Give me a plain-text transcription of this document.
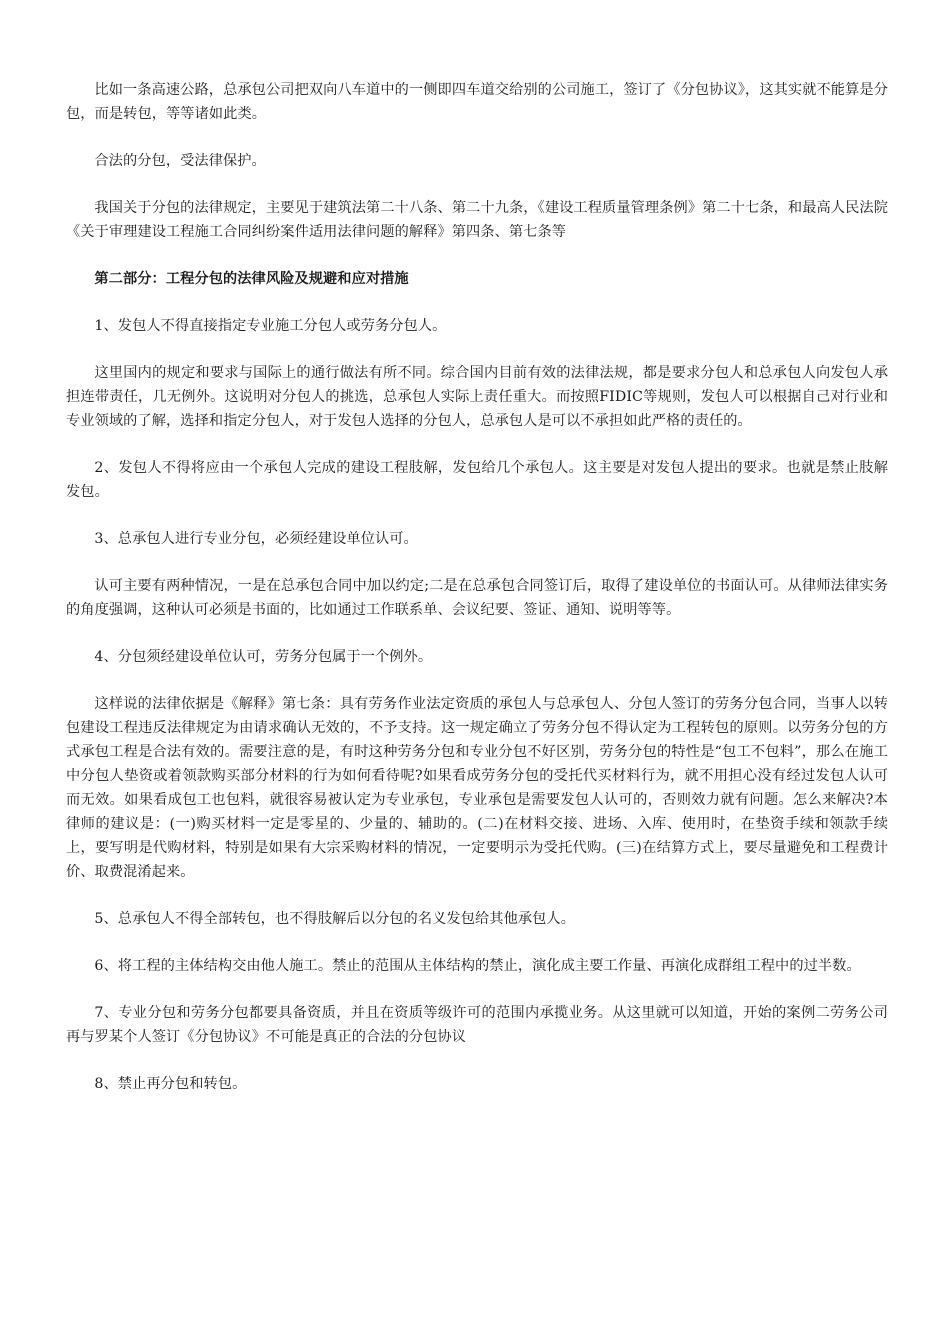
比如一条高速公路，总承包公司把双向八车道中的一侧即四车道交给别的公司施工，签订了《分包协议》，这其实就不能算是分包，而是转包，等等诸如此类。

合法的分包，受法律保护。

我国关于分包的法律规定，主要见于建筑法第二十八条、第二十九条，《建设工程质量管理条例》第二十七条，和最高人民法院《关于审理建设工程施工合同纠纷案件适用法律问题的解释》第四条、第七条等

第二部分：工程分包的法律风险及规避和应对措施

1、发包人不得直接指定专业施工分包人或劳务分包人。

这里国内的规定和要求与国际上的通行做法有所不同。综合国内目前有效的法律法规，都是要求分包人和总承包人向发包人承担连带责任，几无例外。这说明对分包人的挑选，总承包人实际上责任重大。而按照FIDIC等规则，发包人可以根据自己对行业和专业领域的了解，选择和指定分包人，对于发包人选择的分包人，总承包人是可以不承担如此严格的责任的。

2、发包人不得将应由一个承包人完成的建设工程肢解，发包给几个承包人。这主要是对发包人提出的要求。也就是禁止肢解发包。

3、总承包人进行专业分包，必须经建设单位认可。

认可主要有两种情况，一是在总承包合同中加以约定;二是在总承包合同签订后，取得了建设单位的书面认可。从律师法律实务的角度强调，这种认可必须是书面的，比如通过工作联系单、会议纪要、签证、通知、说明等等。

4、分包须经建设单位认可，劳务分包属于一个例外。

这样说的法律依据是《解释》第七条：具有劳务作业法定资质的承包人与总承包人、分包人签订的劳务分包合同，当事人以转包建设工程违反法律规定为由请求确认无效的，不予支持。这一规定确立了劳务分包不得认定为工程转包的原则。以劳务分包的方式承包工程是合法有效的。需要注意的是，有时这种劳务分包和专业分包不好区别，劳务分包的特性是“包工不包料”，那么在施工中分包人垫资或着领款购买部分材料的行为如何看待呢?如果看成劳务分包的受托代买材料行为，就不用担心没有经过发包人认可而无效。如果看成包工也包料，就很容易被认定为专业承包，专业承包是需要发包人认可的，否则效力就有问题。怎么来解决?本律师的建议是：(一)购买材料一定是零星的、少量的、辅助的。(二)在材料交接、进场、入库、使用时，在垫资手续和领款手续上，要写明是代购材料，特别是如果有大宗采购材料的情况，一定要明示为受托代购。(三)在结算方式上，要尽量避免和工程费计价、取费混淆起来。

5、总承包人不得全部转包，也不得肢解后以分包的名义发包给其他承包人。

6、将工程的主体结构交由他人施工。禁止的范围从主体结构的禁止，演化成主要工作量、再演化成群组工程中的过半数。

7、专业分包和劳务分包都要具备资质，并且在资质等级许可的范围内承揽业务。从这里就可以知道，开始的案例二劳务公司再与罗某个人签订《分包协议》不可能是真正的合法的分包协议

8、禁止再分包和转包。
